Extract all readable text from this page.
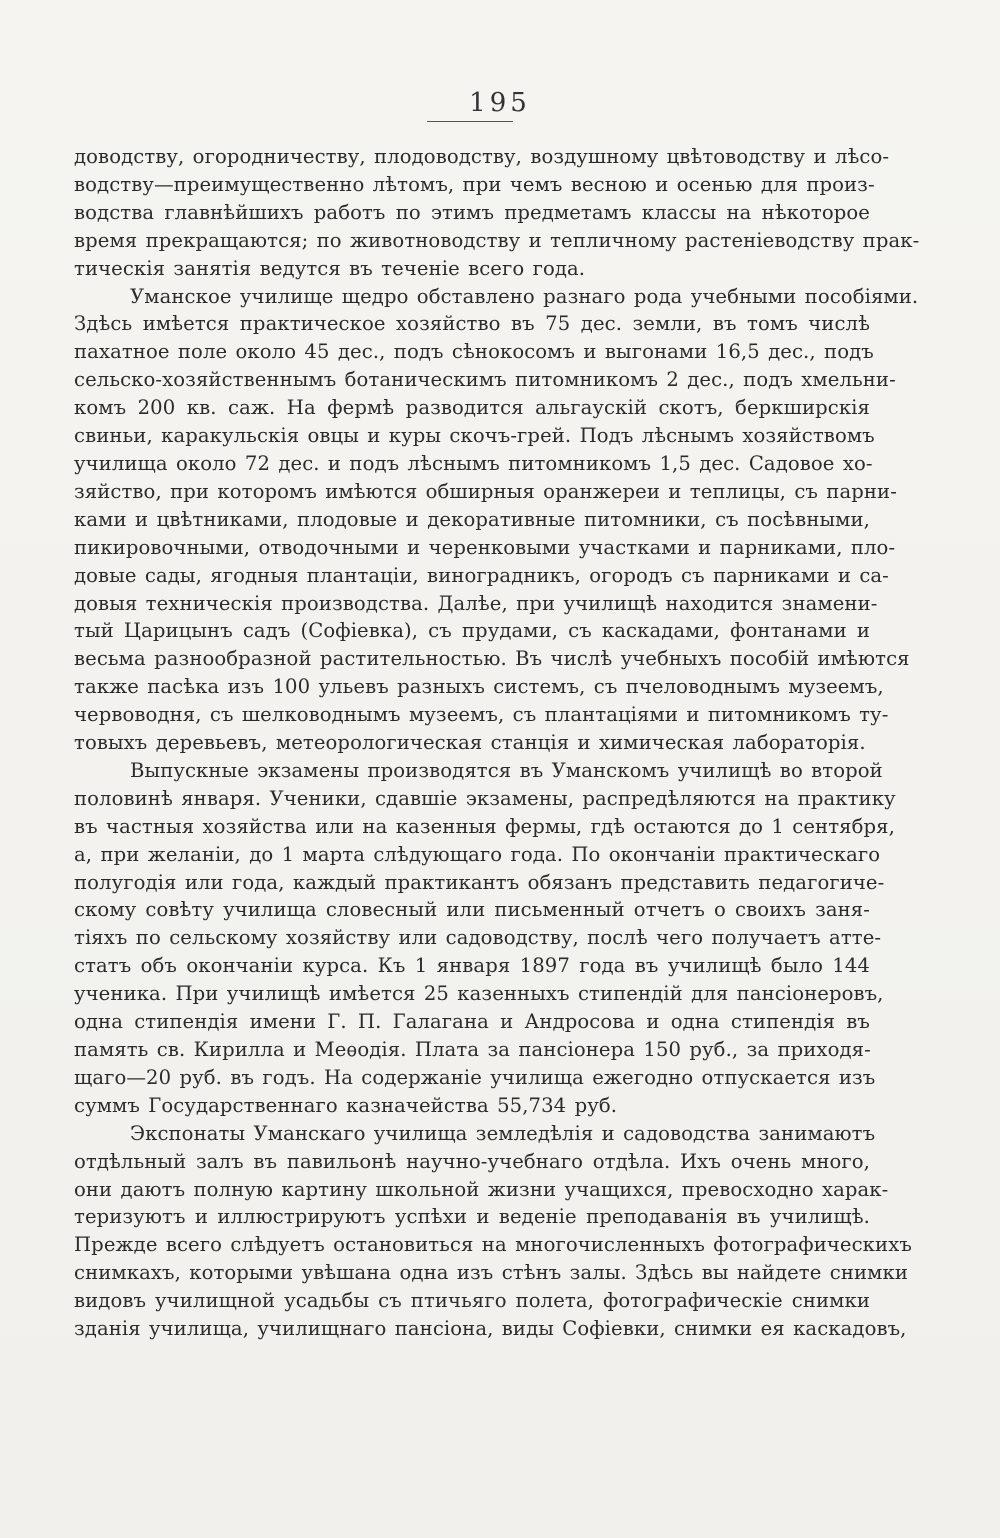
195
доводству, огородничеству, плодоводству, воздушному цвѣтоводству и лѣсо-
водству—преимущественно лѣтомъ, при чемъ весною и осенью для произ-
водства главнѣйшихъ работъ по этимъ предметамъ классы на нѣкоторое
время прекращаются; по животноводству и тепличному растеніеводству прак-
тическія занятія ведутся въ теченіе всего года.
Уманское училище щедро обставлено разнаго рода учебными пособіями.
Здѣсь имѣется практическое хозяйство въ 75 дес. земли, въ томъ числѣ
пахатное поле около 45 дес., подъ сѣнокосомъ и выгонами 16,5 дес., подъ
сельско-хозяйственнымъ ботаническимъ питомникомъ 2 дес., подъ хмельни-
комъ 200 кв. саж. На фермѣ разводится альгаускій скотъ, беркширскія
свиньи, каракульскія овцы и куры скочъ-грей. Подъ лѣснымъ хозяйствомъ
училища около 72 дес. и подъ лѣснымъ питомникомъ 1,5 дес. Садовое хо-
зяйство, при которомъ имѣются обширныя оранжереи и теплицы, съ парни-
ками и цвѣтниками, плодовые и декоративные питомники, съ посѣвными,
пикировочными, отводочными и черенковыми участками и парниками, пло-
довые сады, ягодныя плантаціи, виноградникъ, огородъ съ парниками и са-
довыя техническія производства. Далѣе, при училищѣ находится знамени-
тый Царицынъ садъ (Софіевка), съ прудами, съ каскадами, фонтанами и
весьма разнообразной растительностью. Въ числѣ учебныхъ пособій имѣются
также пасѣка изъ 100 ульевъ разныхъ системъ, съ пчеловоднымъ музеемъ,
червоводня, съ шелководнымъ музеемъ, съ плантаціями и питомникомъ ту-
товыхъ деревьевъ, метеорологическая станція и химическая лабораторія.
Выпускные экзамены производятся въ Уманскомъ училищѣ во второй
половинѣ января. Ученики, сдавшіе экзамены, распредѣляются на практику
въ частныя хозяйства или на казенныя фермы, гдѣ остаются до 1 сентября,
а, при желаніи, до 1 марта слѣдующаго года. По окончаніи практическаго
полугодія или года, каждый практикантъ обязанъ представить педагогиче-
скому совѣту училища словесный или письменный отчетъ о своихъ заня-
тіяхъ по сельскому хозяйству или садоводству, послѣ чего получаетъ атте-
статъ объ окончаніи курса. Къ 1 января 1897 года въ училищѣ было 144
ученика. При училищѣ имѣется 25 казенныхъ стипендій для пансіонеровъ,
одна стипендія имени Г. П. Галагана и Андросова и одна стипендія въ
память св. Кирилла и Меѳодія. Плата за пансіонера 150 руб., за приходя-
щаго—20 руб. въ годъ. На содержаніе училища ежегодно отпускается изъ
суммъ Государственнаго казначейства 55,734 руб.
Экспонаты Уманскаго училища земледѣлія и садоводства занимаютъ
отдѣльный залъ въ павильонѣ научно-учебнаго отдѣла. Ихъ очень много,
они даютъ полную картину школьной жизни учащихся, превосходно харак-
теризуютъ и иллюстрируютъ успѣхи и веденіе преподаванія въ училищѣ.
Прежде всего слѣдуетъ остановиться на многочисленныхъ фотографическихъ
снимкахъ, которыми увѣшана одна изъ стѣнъ залы. Здѣсь вы найдете снимки
видовъ училищной усадьбы съ птичьяго полета, фотографическіе снимки
зданія училища, училищнаго пансіона, виды Софіевки, снимки ея каскадовъ,
